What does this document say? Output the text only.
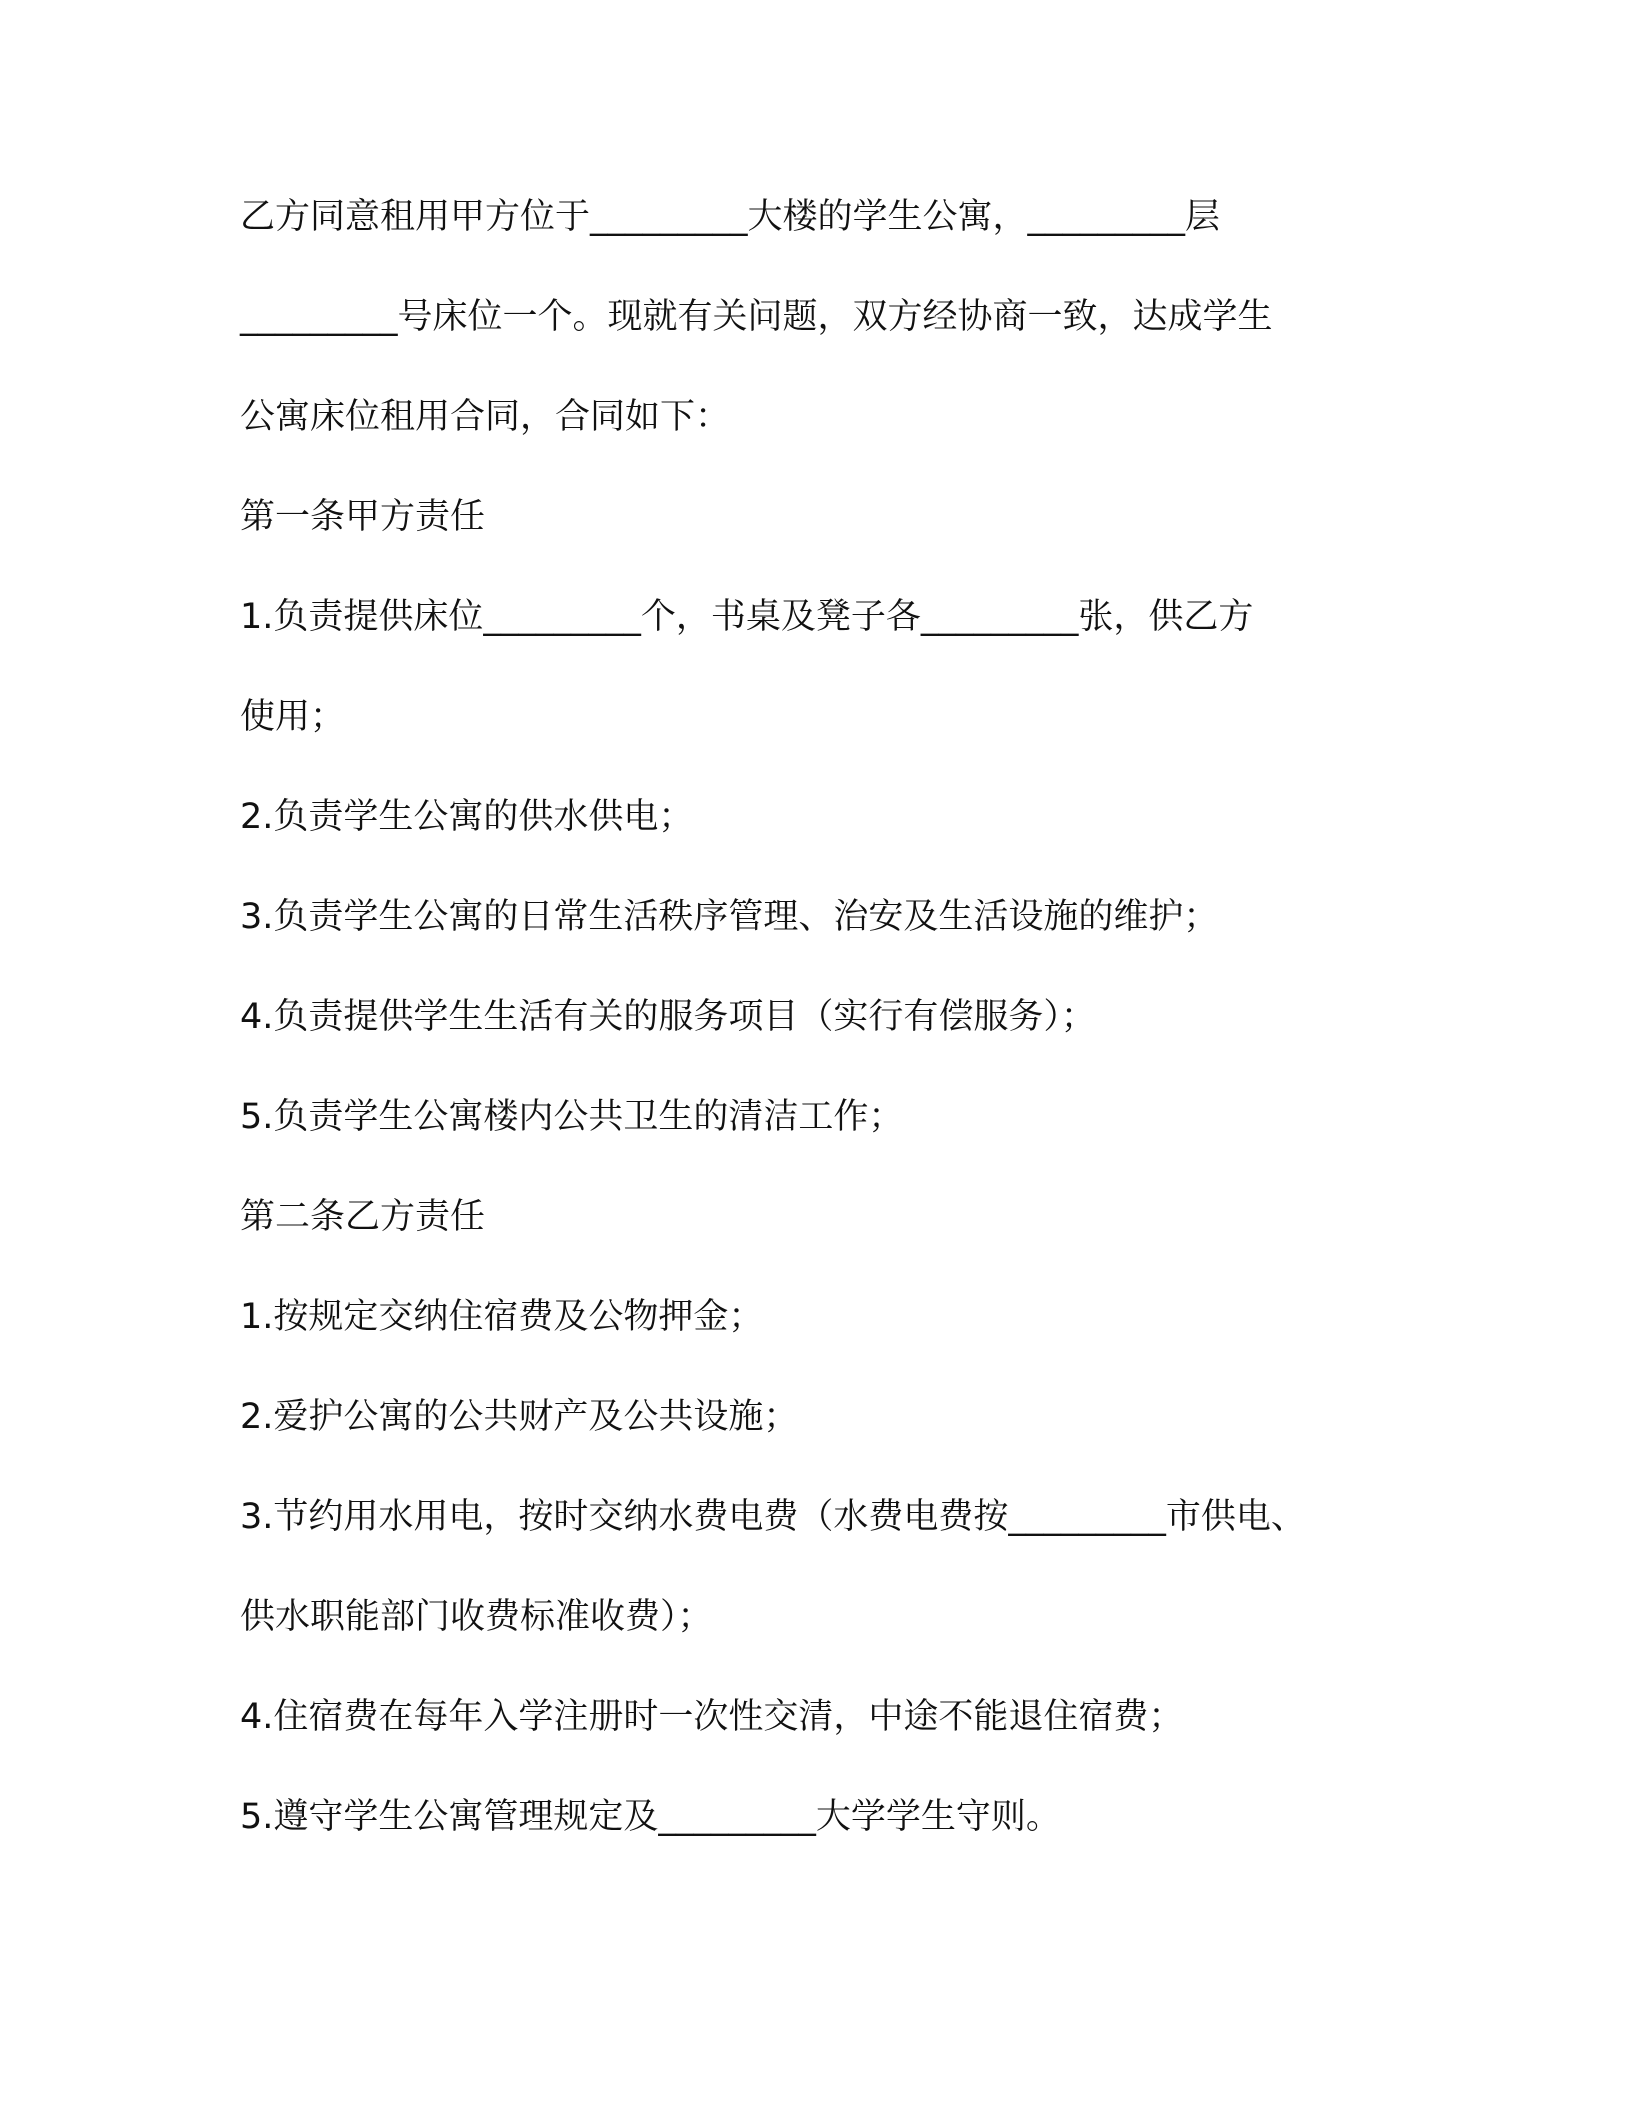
乙方同意租用甲方位于_________大楼的学生公寓，_________层

_________号床位一个。现就有关问题，双方经协商一致，达成学生

公寓床位租用合同，合同如下：

第一条甲方责任

1.负责提供床位_________个，书桌及凳子各_________张，供乙方

使用；

2.负责学生公寓的供水供电；

3.负责学生公寓的日常生活秩序管理、治安及生活设施的维护；

4.负责提供学生生活有关的服务项目（实行有偿服务）；

5.负责学生公寓楼内公共卫生的清洁工作；

第二条乙方责任

1.按规定交纳住宿费及公物押金；

2.爱护公寓的公共财产及公共设施；

3.节约用水用电，按时交纳水费电费（水费电费按_________市供电、

供水职能部门收费标准收费）；

4.住宿费在每年入学注册时一次性交清，中途不能退住宿费；

5.遵守学生公寓管理规定及_________大学学生守则。
